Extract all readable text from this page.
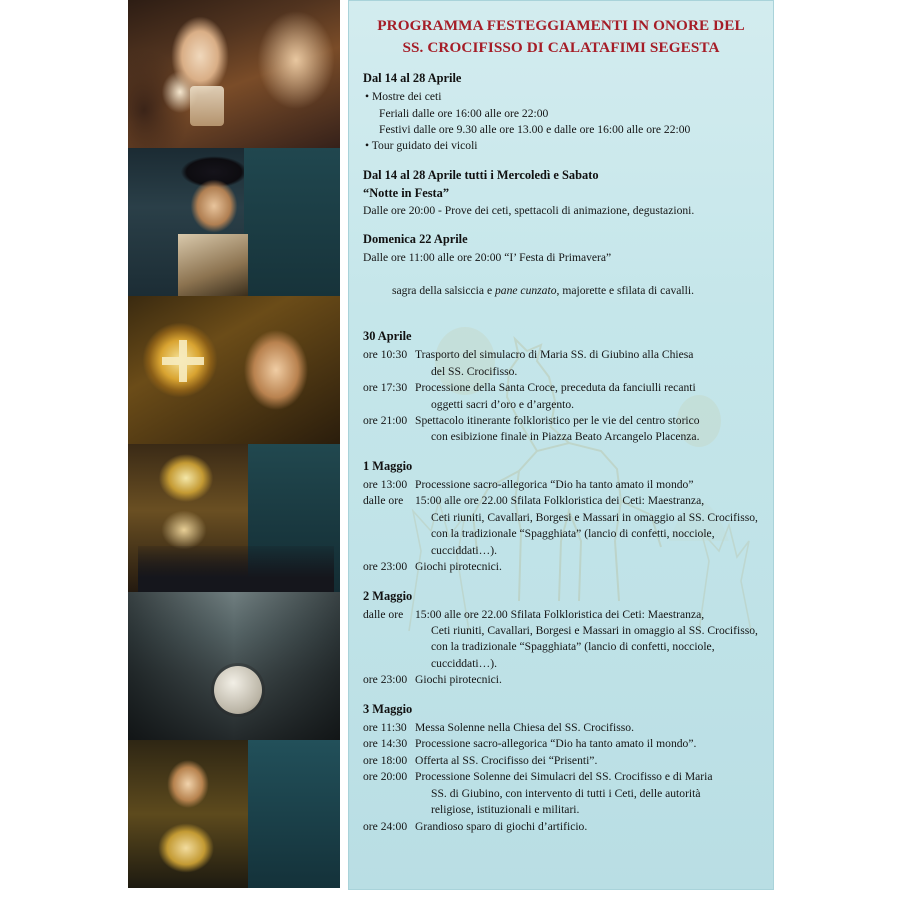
PROGRAMMA FESTEGGIAMENTI IN ONORE DEL
SS. CROCIFISSO DI CALATAFIMI SEGESTA
Dal 14 al 28 Aprile
• Mostre dei ceti
Feriali dalle ore 16:00 alle ore 22:00
Festivi dalle ore 9.30 alle ore 13.00 e dalle ore 16:00 alle ore 22:00
• Tour guidato dei vicoli
Dal 14 al 28 Aprile tutti i Mercoledì e Sabato
“Notte in Festa”
Dalle ore 20:00 - Prove dei ceti, spettacoli di animazione, degustazioni.
Domenica 22 Aprile
Dalle ore 11:00 alle ore 20:00 “I’ Festa di Primavera”

sagra della salsiccia e pane cunzato, majorette e sfilata di cavalli.

30 Aprile
ore 10:30 Trasporto del simulacro di Maria SS. di Giubino alla Chiesa
del SS. Crocifisso.
ore 17:30 Processione della Santa Croce, preceduta da fanciulli recanti
oggetti sacri d’oro e d’argento.
ore 21:00 Spettacolo itinerante folkloristico per le vie del centro storico
con esibizione finale in Piazza Beato Arcangelo Placenza.
1 Maggio
ore 13:00 Processione sacro-allegorica “Dio ha tanto amato il mondo”
dalle ore	15:00 alle ore 22.00 Sfilata Folkloristica dei Ceti: Maestranza,
Ceti riuniti, Cavallari, Borgesi e Massari in omaggio al SS. Crocifisso,
con la tradizionale “Spagghiata” (lancio di confetti, nocciole,
cucciddati…).
ore 23:00 Giochi pirotecnici.
2 Maggio
dalle ore	15:00 alle ore 22.00 Sfilata Folkloristica dei Ceti: Maestranza,
Ceti riuniti, Cavallari, Borgesi e Massari in omaggio al SS. Crocifisso,
con la tradizionale “Spagghiata” (lancio di confetti, nocciole,
cucciddati…).
ore 23:00 Giochi pirotecnici.
3 Maggio
ore 11:30 Messa Solenne nella Chiesa del SS. Crocifisso.
ore 14:30 Processione sacro-allegorica “Dio ha tanto amato il mondo”.
ore 18:00 Offerta al SS. Crocifisso dei “Prisenti”.
ore 20:00 Processione Solenne dei Simulacri del SS. Crocifisso e di Maria
SS. di Giubino, con intervento di tutti i Ceti, delle autorità
religiose, istituzionali e militari.
ore 24:00 Grandioso sparo di giochi d’artificio.
